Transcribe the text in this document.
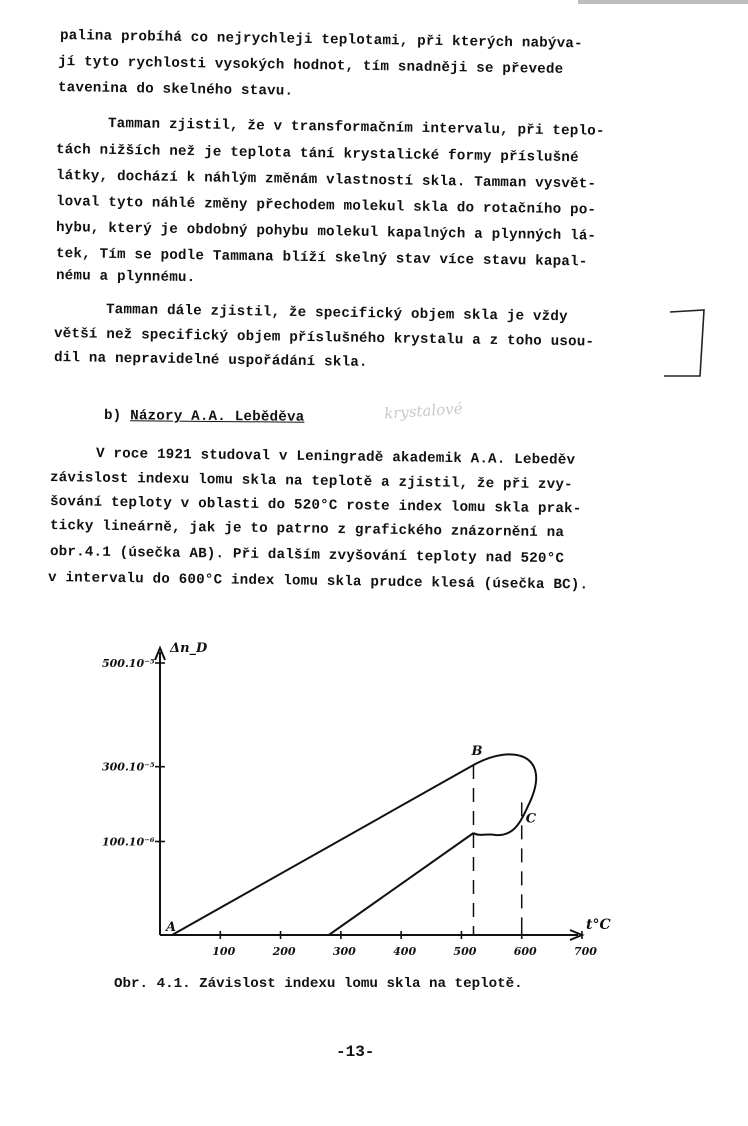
palina probíhá co nejrychleji teplotami, při kterých nabýva-
jí tyto rychlosti vysokých hodnot, tím snadněji se převede
tavenina do skelného stavu.
Tamman zjistil, že v transformačním intervalu, při teplo-
tách nižších než je teplota tání krystalické formy příslušné
látky, dochází k náhlým změnám vlastností skla. Tamman vysvět-
loval tyto náhlé změny přechodem molekul skla do rotačního po-
hybu, který je obdobný pohybu molekul kapalných a plynných lá-
tek, Tím se podle Tammana blíží skelný stav více stavu kapal-
nému a plynnému.
Tamman dále zjistil, že specifický objem skla je vždy
větší než specifický objem příslušného krystalu a z toho usou-
dil na nepravidelné uspořádání skla.
b) Názory A.A. Leběděva	krystalové
V roce 1921 studoval v Leningradě akademik A.A. Lebeděv
závislost indexu lomu skla na teplotě a zjistil, že při zvy-
šování teploty v oblasti do 520°C roste index lomu skla prak-
ticky lineárně, jak je to patrno z grafického znázornění na
obr.4.1 (úsečka AB). Při dalším zvyšování teploty nad 520°C
v intervalu do 600°C index lomu skla prudce klesá (úsečka BC).
100	200	300	400	500	600	700
100.10⁻⁶
300.10⁻⁵
500.10⁻⁵
Δn_D
t°C
A
B
C
Obr. 4.1. Závislost indexu lomu skla na teplotě.
-13-
